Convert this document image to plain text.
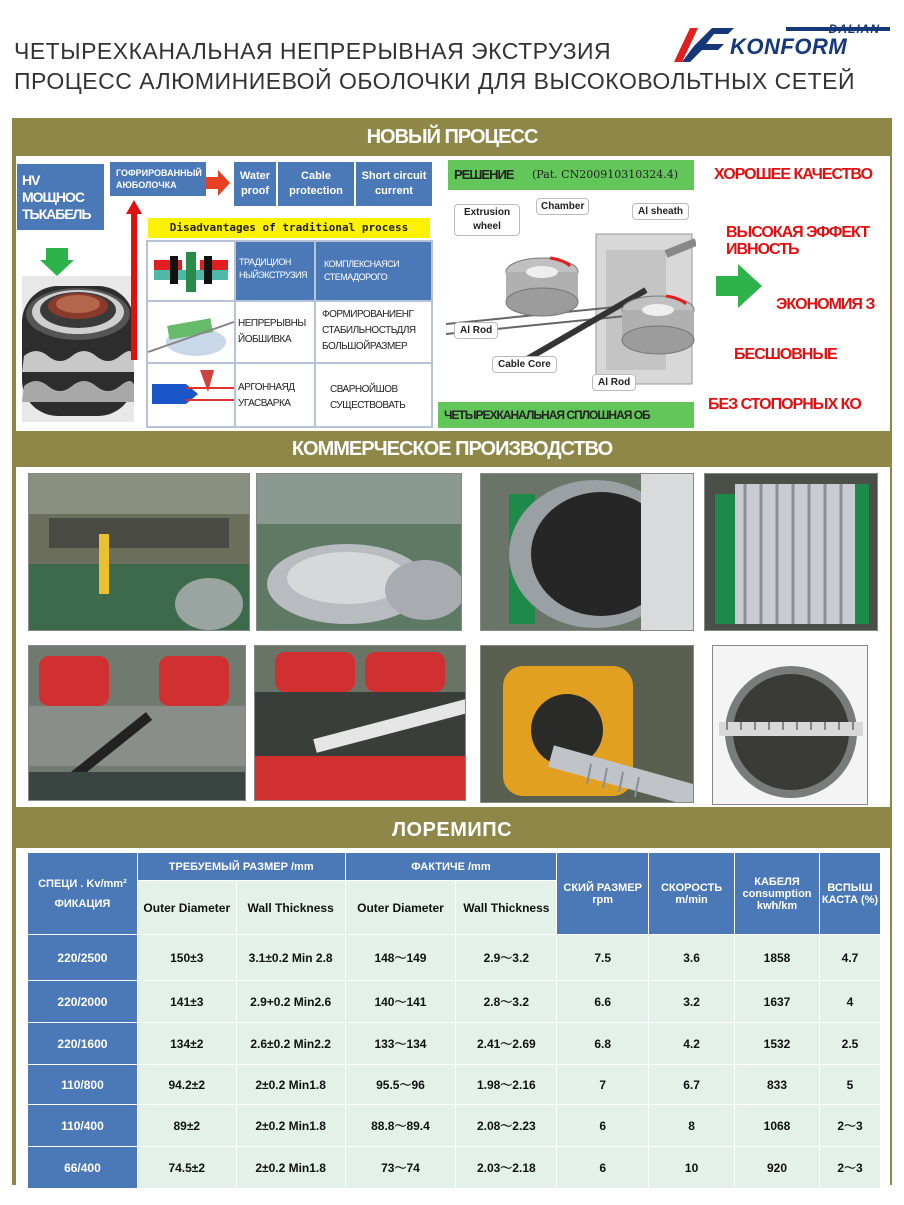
ЧЕТЫРЕХКАНАЛЬНАЯ НЕПРЕРЫВНАЯ ЭКСТРУЗИЯ
ПРОЦЕСС АЛЮМИНИЕВОЙ ОБОЛОЧКИ ДЛЯ ВЫСОКОВОЛЬТНЫХ СЕТЕЙ
DALIAN
KONFORM
НОВЫЙ ПРОЦЕСС
HV МОЩНОС ТЬКАБЕЛЬ
ГОФРИРОВАННЫЙ АЮБОЛОЧКА
Water proof
Cable protection
Short circuit current
Disadvantages of traditional process
ТРАДИЦИОН НЫЙЭКСТРУЗИЯ
КОМПЛЕКСНАЯСИ СТЕМАДОРОГО
НЕПРЕРЫВНЫ ЙОБШИВКА
ФОРМИРОВАНИЕНГ СТАБИЛЬНОСТЬДЛЯ БОЛЬШОЙРАЗМЕР
АРГОННАЯД УГАСВАРКА
СВАРНОЙШОВ СУЩЕСТВОВАТЬ
РЕШЕНИЕ (Pat. CN200910310324.4)
Extrusion wheel
Chamber	Al sheath
Al Rod
Cable Core
Al Rod
ЧЕТЫРЕХКАНАЛЬНАЯ СПЛОШНАЯ ОБ
ХОРОШЕЕ КАЧЕСТВО
ВЫСОКАЯ ЭФФЕКТ ИВНОСТЬ
ЭКОНОМИЯ З
БЕСШОВНЫЕ
БЕЗ СТОПОРНЫХ КО
КОММЕРЧЕСКОЕ ПРОИЗВОДСТВО
ЛОРЕМИПС
СПЕЦИ . Kv/mm² ФИКАЦИЯ	ТРЕБУЕМЫЙ РАЗМЕР /mm		ФАКТИЧЕ /mm		СКИЙ РАЗМЕР rpm	СКОРОСТЬ m/min	КАБЕЛЯ consumption kwh/km	ВСПЫШ КАСТА (%)
	Outer Diameter	Wall Thickness	Outer Diameter	Wall Thickness				
220/2500	150±3	3.1±0.2 Min 2.8	148～149	2.9～3.2	7.5	3.6	1858	4.7
220/2000	141±3	2.9+0.2 Min2.6	140～141	2.8～3.2	6.6	3.2	1637	4
220/1600	134±2	2.6±0.2 Min2.2	133～134	2.41～2.69	6.8	4.2	1532	2.5
110/800	94.2±2	2±0.2 Min1.8	95.5～96	1.98～2.16	7	6.7	833	5
110/400	89±2	2±0.2 Min1.8	88.8～89.4	2.08～2.23	6	8	1068	2～3
66/400	74.5±2	2±0.2 Min1.8	73～74	2.03～2.18	6	10	920	2～3
